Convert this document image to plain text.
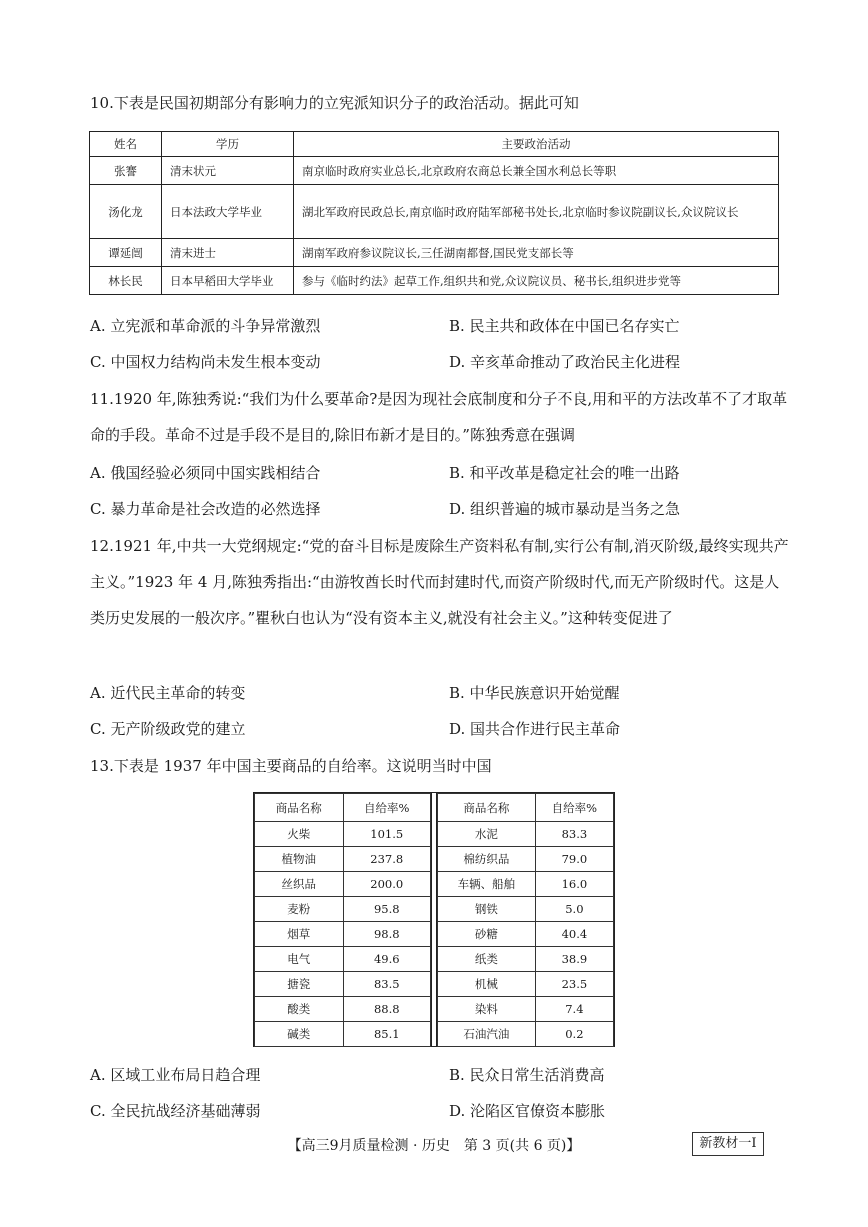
10.下表是民国初期部分有影响力的立宪派知识分子的政治活动。据此可知

姓名	学历	主要政治活动
张謇	清末状元	南京临时政府实业总长,北京政府农商总长兼全国水利总长等职
汤化龙	日本法政大学毕业	湖北军政府民政总长,南京临时政府陆军部秘书处长,北京临时参议院副议长,众议院议长
谭延闿	清末进士	湖南军政府参议院议长,三任湖南都督,国民党支部长等
林长民	日本早稻田大学毕业	参与《临时约法》起草工作,组织共和党,众议院议员、秘书长,组织进步党等
A. 立宪派和革命派的斗争异常激烈	B. 民主共和政体在中国已名存实亡
C. 中国权力结构尚未发生根本变动	D. 辛亥革命推动了政治民主化进程

11.1920 年,陈独秀说:“我们为什么要革命?是因为现社会底制度和分子不良,用和平的方法改革不了才取革命的手段。革命不过是手段不是目的,除旧布新才是目的。”陈独秀意在强调

A. 俄国经验必须同中国实践相结合	B. 和平改革是稳定社会的唯一出路
C. 暴力革命是社会改造的必然选择	D. 组织普遍的城市暴动是当务之急

12.1921 年,中共一大党纲规定:“党的奋斗目标是废除生产资料私有制,实行公有制,消灭阶级,最终实现共产主义。”1923 年 4 月,陈独秀指出:“由游牧酋长时代而封建时代,而资产阶级时代,而无产阶级时代。这是人类历史发展的一般次序。”瞿秋白也认为“没有资本主义,就没有社会主义。”这种转变促进了

A. 近代民主革命的转变	B. 中华民族意识开始觉醒
C. 无产阶级政党的建立	D. 国共合作进行民主革命

13.下表是 1937 年中国主要商品的自给率。这说明当时中国

商品名称	自给率%
火柴	101.5
植物油	237.8
丝织品	200.0
麦粉	95.8
烟草	98.8
电气	49.6
搪瓷	83.5
酸类	88.8
碱类	85.1
商品名称	自给率%
水泥	83.3
棉纺织品	79.0
车辆、船舶	16.0
钢铁	5.0
砂糖	40.4
纸类	38.9
机械	23.5
染料	7.4
石油汽油	0.2
A. 区域工业布局日趋合理	B. 民众日常生活消费高
C. 全民抗战经济基础薄弱	D. 沦陷区官僚资本膨胀
【高三9月质量检测 · 历史　第 3 页(共 6 页)】	新教材一Ⅰ
